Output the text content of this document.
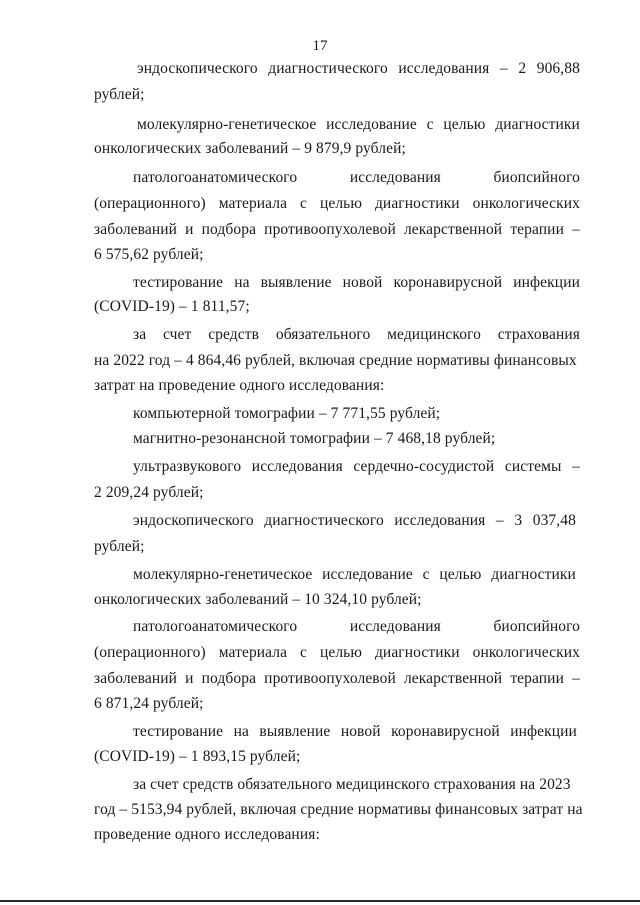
17
эндоскопического диагностического исследования – 2 906,88
рублей;
молекулярно-генетическое исследование с целью диагностики
онкологических заболеваний – 9 879,9 рублей;
патологоанатомического	исследования	биопсийного
(операционного) материала с целью диагностики онкологических
заболеваний и подбора противоопухолевой лекарственной терапии –
6 575,62 рублей;
тестирование на выявление новой коронавирусной инфекции
(COVID-19) – 1 811,57;
за счет средств обязательного медицинского страхования
на 2022 год – 4 864,46 рублей, включая средние нормативы финансовых
затрат на проведение одного исследования:
компьютерной томографии – 7 771,55 рублей;
магнитно-резонансной томографии – 7 468,18 рублей;
ультразвукового исследования сердечно-сосудистой системы –
2 209,24 рублей;
эндоскопического диагностического исследования – 3 037,48
рублей;
молекулярно-генетическое исследование с целью диагностики
онкологических заболеваний – 10 324,10 рублей;
патологоанатомического	исследования	биопсийного
(операционного) материала с целью диагностики онкологических
заболеваний и подбора противоопухолевой лекарственной терапии –
6 871,24 рублей;
тестирование на выявление новой коронавирусной инфекции
(COVID-19) – 1 893,15 рублей;
за счет средств обязательного медицинского страхования на 2023
год – 5153,94 рублей, включая средние нормативы финансовых затрат на
проведение одного исследования:
